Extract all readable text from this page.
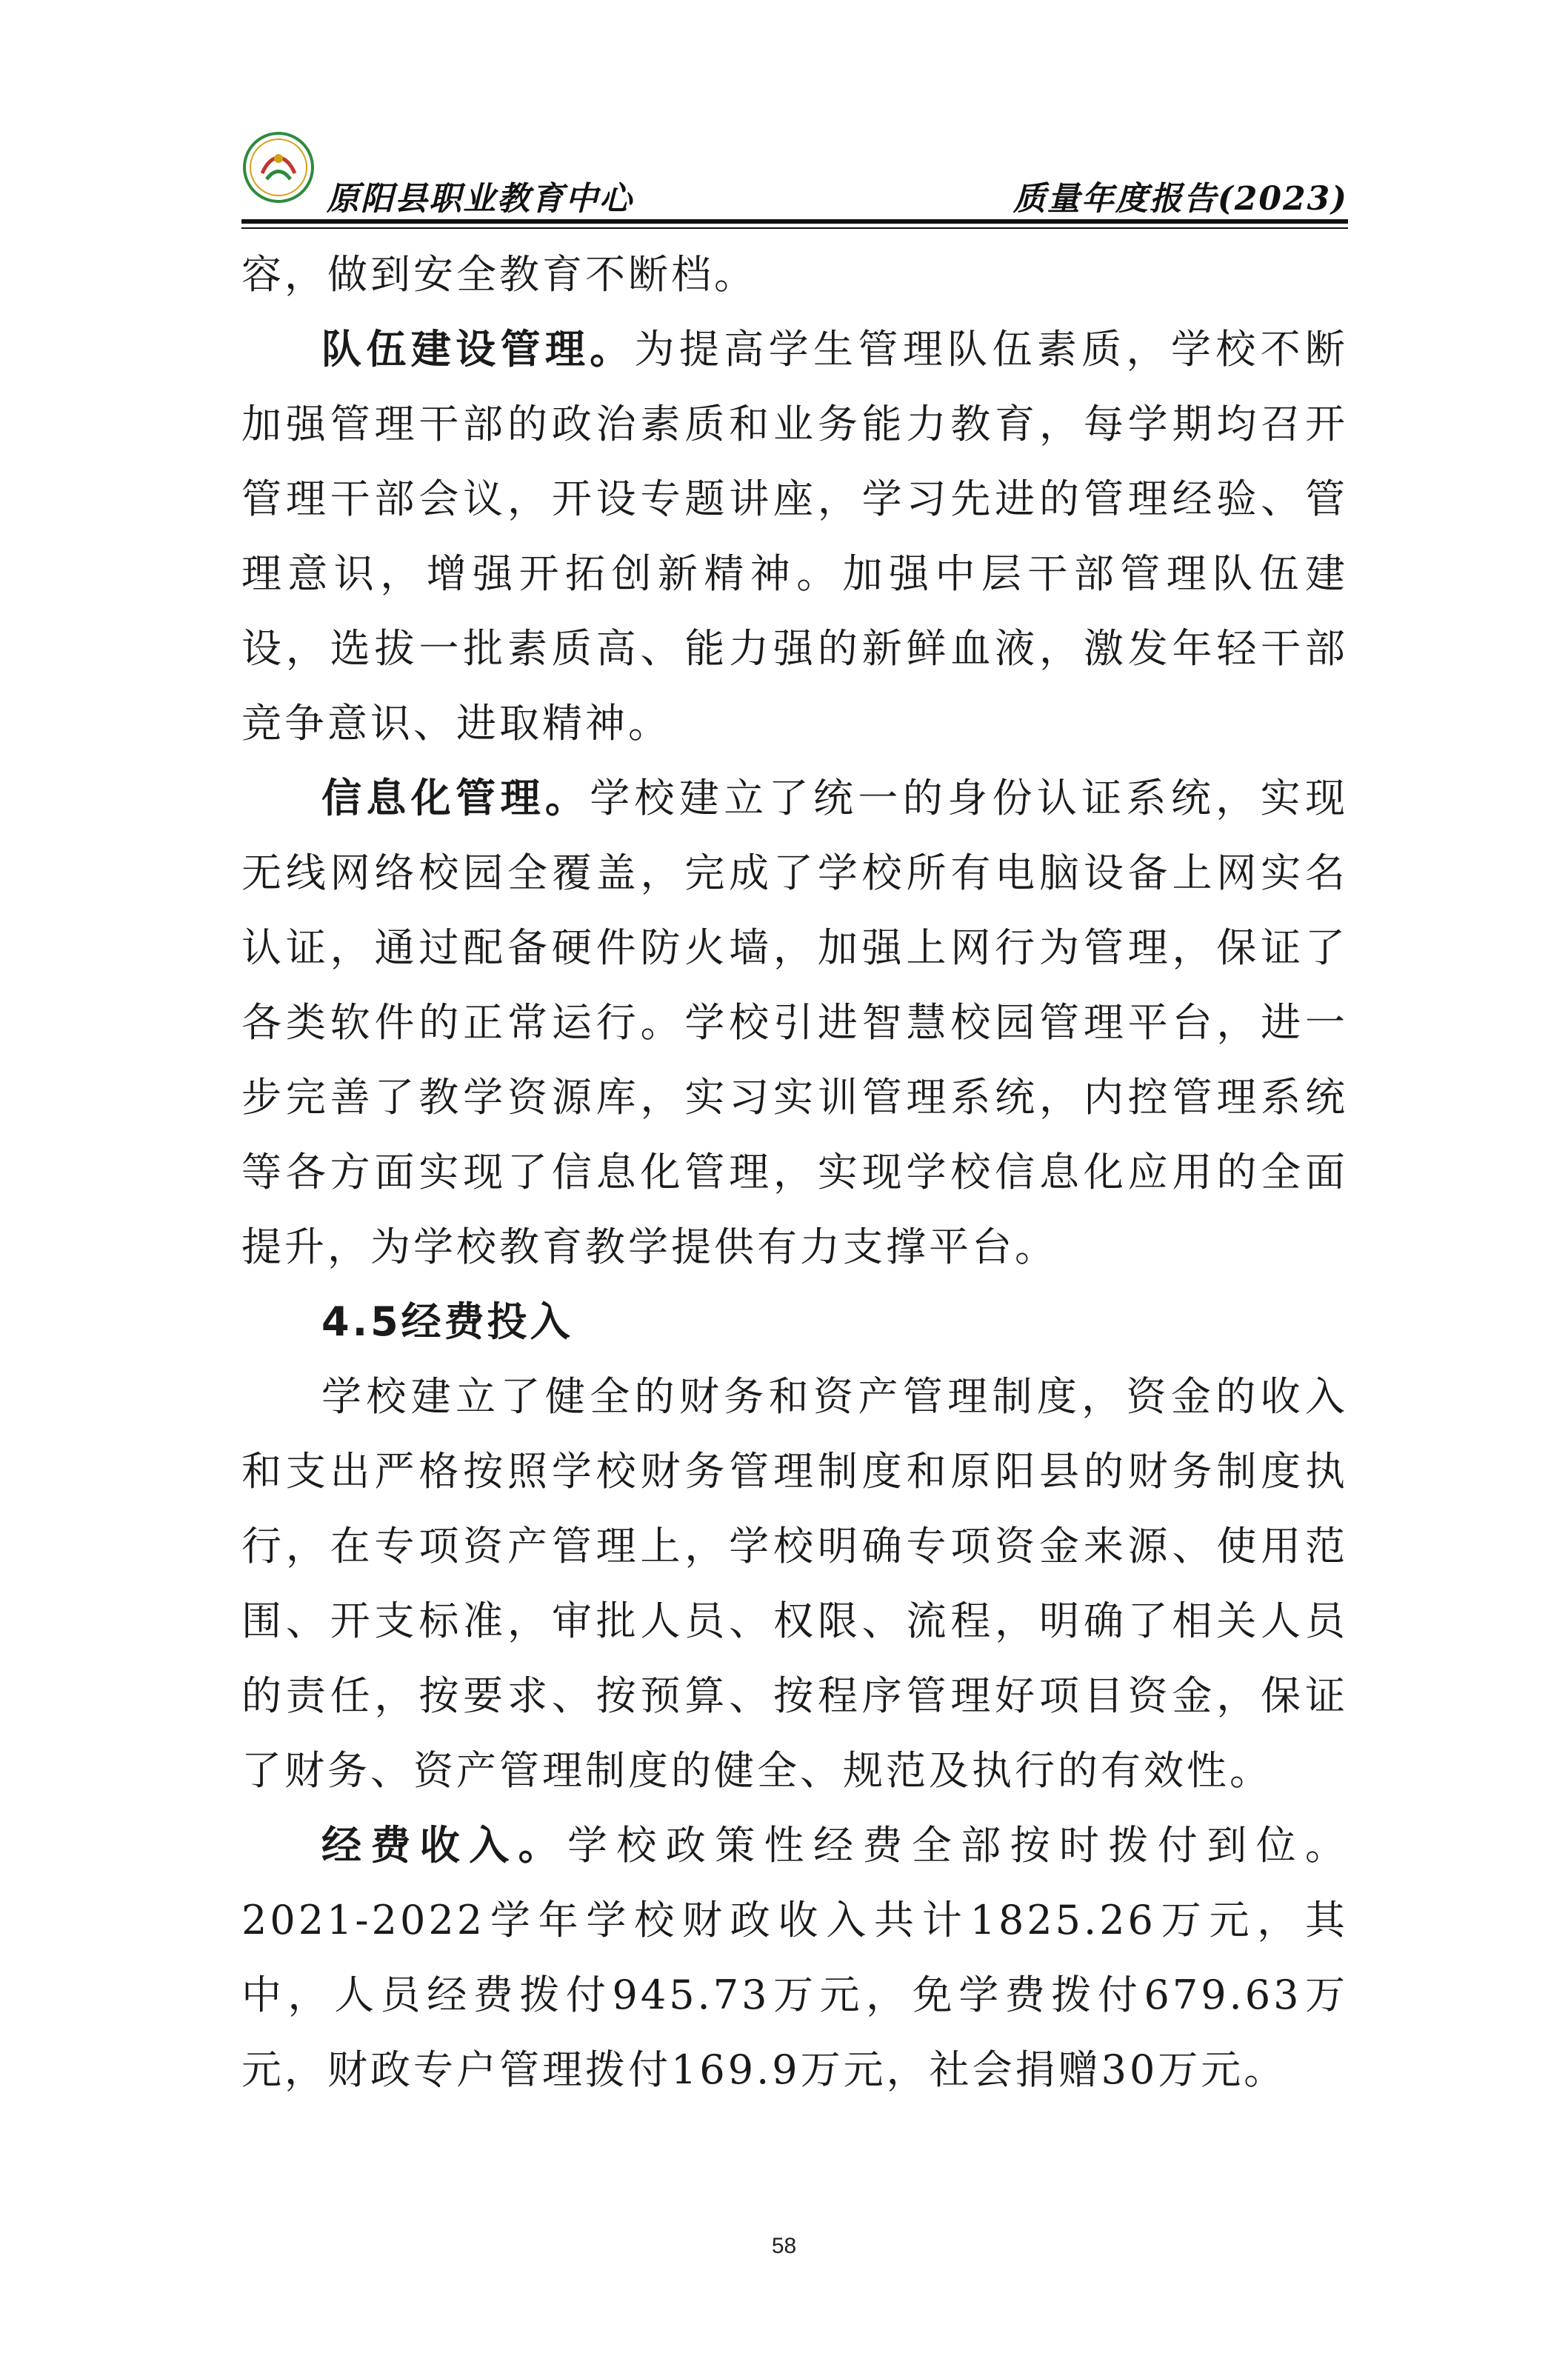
原阳县职业教育中心	质量年度报告(2023)

容，做到安全教育不断档。

队伍建设管理。为提高学生管理队伍素质，学校不断加强管理干部的政治素质和业务能力教育，每学期均召开管理干部会议，开设专题讲座，学习先进的管理经验、管理意识，增强开拓创新精神。加强中层干部管理队伍建设，选拔一批素质高、能力强的新鲜血液，激发年轻干部竞争意识、进取精神。

信息化管理。学校建立了统一的身份认证系统，实现无线网络校园全覆盖，完成了学校所有电脑设备上网实名认证，通过配备硬件防火墙，加强上网行为管理，保证了各类软件的正常运行。学校引进智慧校园管理平台，进一步完善了教学资源库，实习实训管理系统，内控管理系统等各方面实现了信息化管理，实现学校信息化应用的全面提升，为学校教育教学提供有力支撑平台。

4.5经费投入

学校建立了健全的财务和资产管理制度，资金的收入和支出严格按照学校财务管理制度和原阳县的财务制度执行，在专项资产管理上，学校明确专项资金来源、使用范围、开支标准，审批人员、权限、流程，明确了相关人员的责任，按要求、按预算、按程序管理好项目资金，保证了财务、资产管理制度的健全、规范及执行的有效性。

经费收入。学校政策性经费全部按时拨付到位。2021-2022学年学校财政收入共计1825.26万元，其中，人员经费拨付945.73万元，免学费拨付679.63万元，财政专户管理拨付169.9万元，社会捐赠30万元。

58
